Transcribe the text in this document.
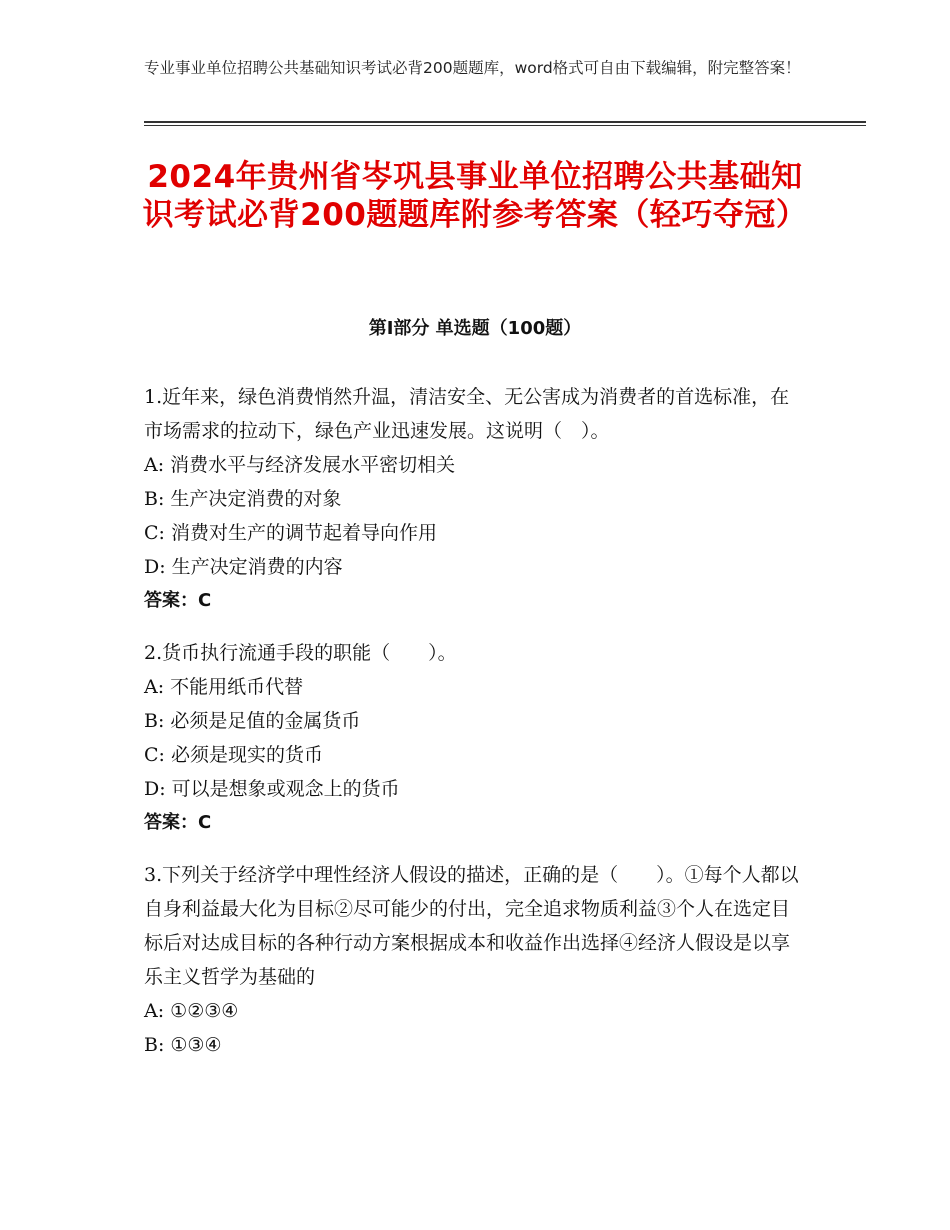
专业事业单位招聘公共基础知识考试必背200题题库，word格式可自由下载编辑，附完整答案！
2024年贵州省岑巩县事业单位招聘公共基础知识考试必背200题题库附参考答案（轻巧夺冠）
第Ⅰ部分 单选题（100题）

1.近年来，绿色消费悄然升温，清洁安全、无公害成为消费者的首选标准，在市场需求的拉动下，绿色产业迅速发展。这说明（　）。

A: 消费水平与经济发展水平密切相关

B: 生产决定消费的对象

C: 消费对生产的调节起着导向作用

D: 生产决定消费的内容

答案：C

2.货币执行流通手段的职能（　　）。

A: 不能用纸币代替

B: 必须是足值的金属货币

C: 必须是现实的货币

D: 可以是想象或观念上的货币

答案：C

3.下列关于经济学中理性经济人假设的描述，正确的是（　　）。①每个人都以自身利益最大化为目标②尽可能少的付出，完全追求物质利益③个人在选定目标后对达成目标的各种行动方案根据成本和收益作出选择④经济人假设是以享乐主义哲学为基础的

A: ①②③④

B: ①③④
